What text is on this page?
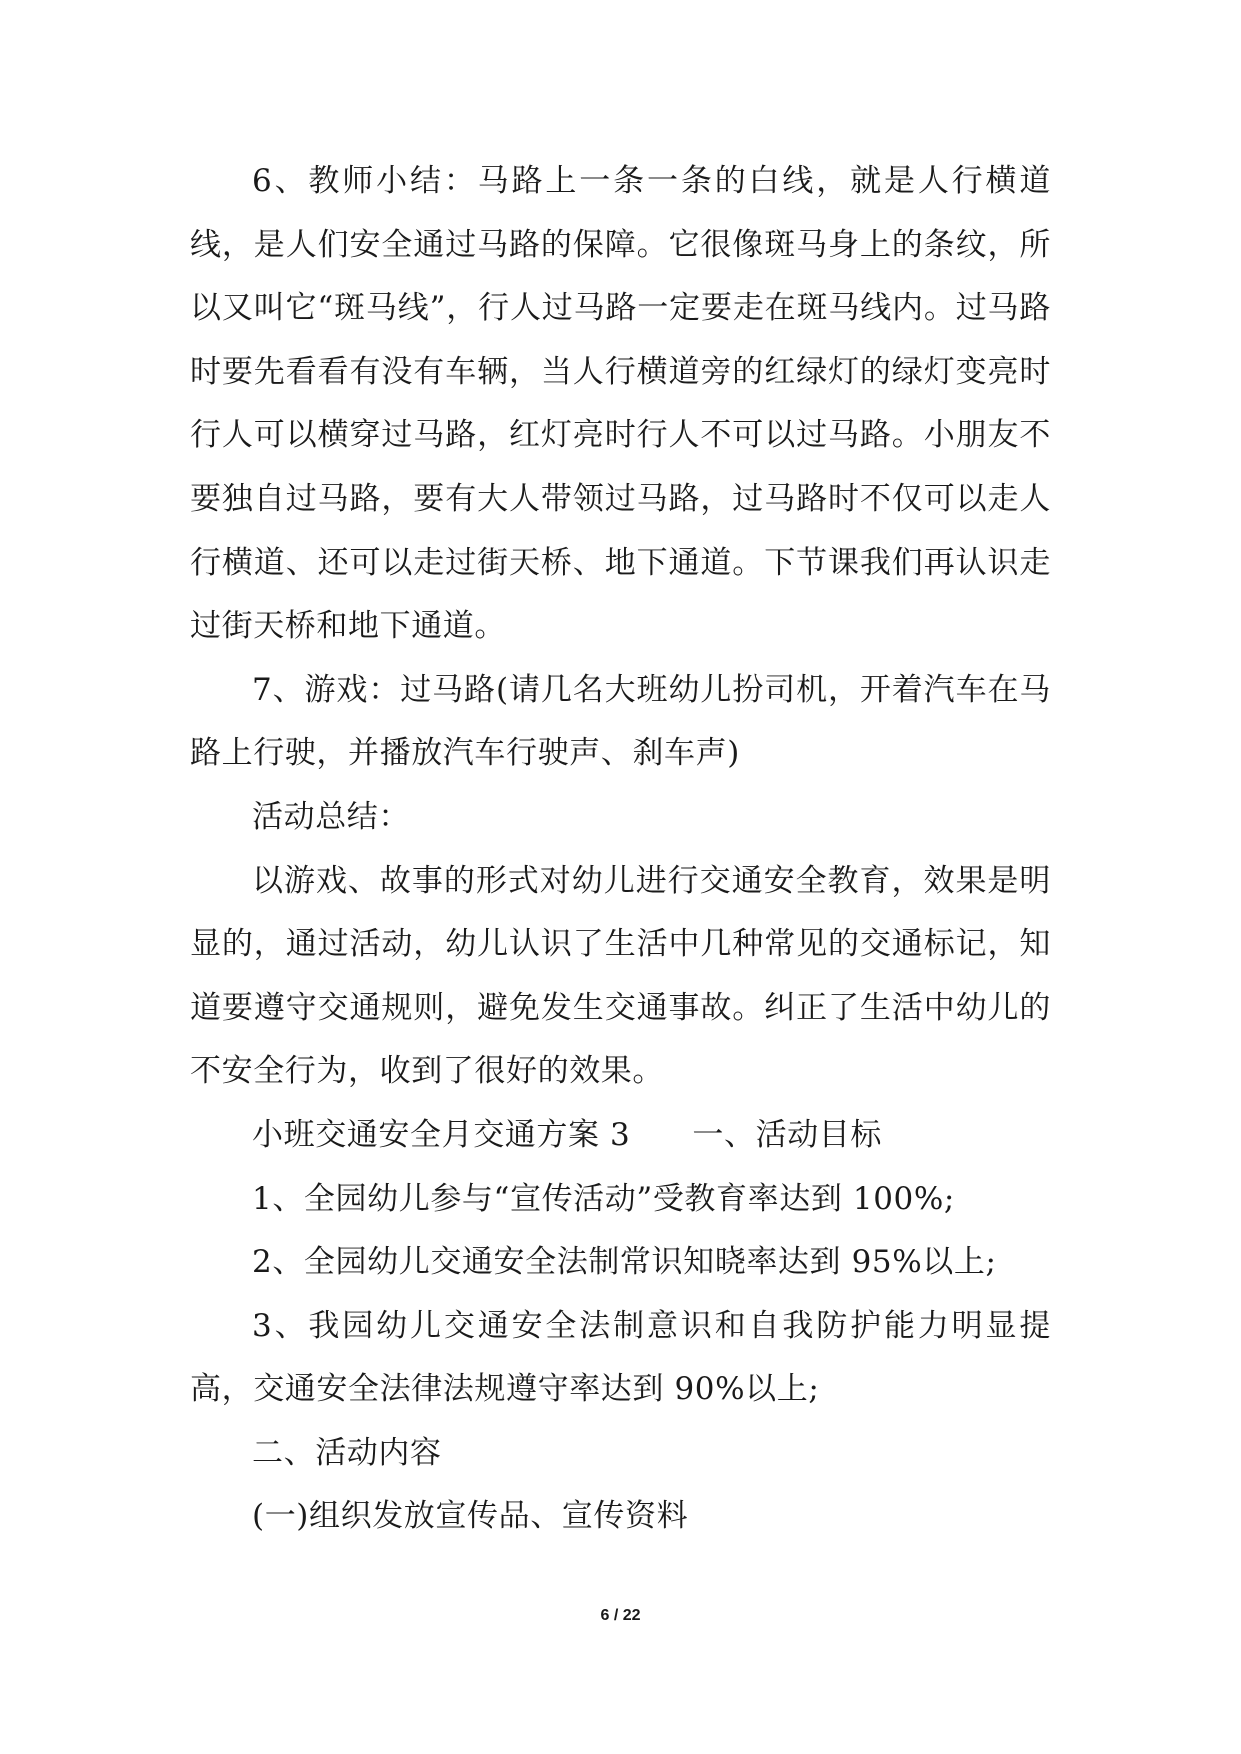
6、教师小结：马路上一条一条的白线，就是人行横道线，是人们安全通过马路的保障。它很像斑马身上的条纹，所以又叫它“斑马线”，行人过马路一定要走在斑马线内。过马路时要先看看有没有车辆，当人行横道旁的红绿灯的绿灯变亮时行人可以横穿过马路，红灯亮时行人不可以过马路。小朋友不要独自过马路，要有大人带领过马路，过马路时不仅可以走人行横道、还可以走过街天桥、地下通道。下节课我们再认识走过街天桥和地下通道。

7、游戏：过马路(请几名大班幼儿扮司机，开着汽车在马路上行驶，并播放汽车行驶声、刹车声)

活动总结：

以游戏、故事的形式对幼儿进行交通安全教育，效果是明显的，通过活动，幼儿认识了生活中几种常见的交通标记，知道要遵守交通规则，避免发生交通事故。纠正了生活中幼儿的不安全行为，收到了很好的效果。

小班交通安全月交通方案 3 一、活动目标

1、全园幼儿参与“宣传活动”受教育率达到 100%;

2、全园幼儿交通安全法制常识知晓率达到 95%以上;

3、我园幼儿交通安全法制意识和自我防护能力明显提高，交通安全法律法规遵守率达到 90%以上;

二、活动内容

(一)组织发放宣传品、宣传资料

6 / 22
